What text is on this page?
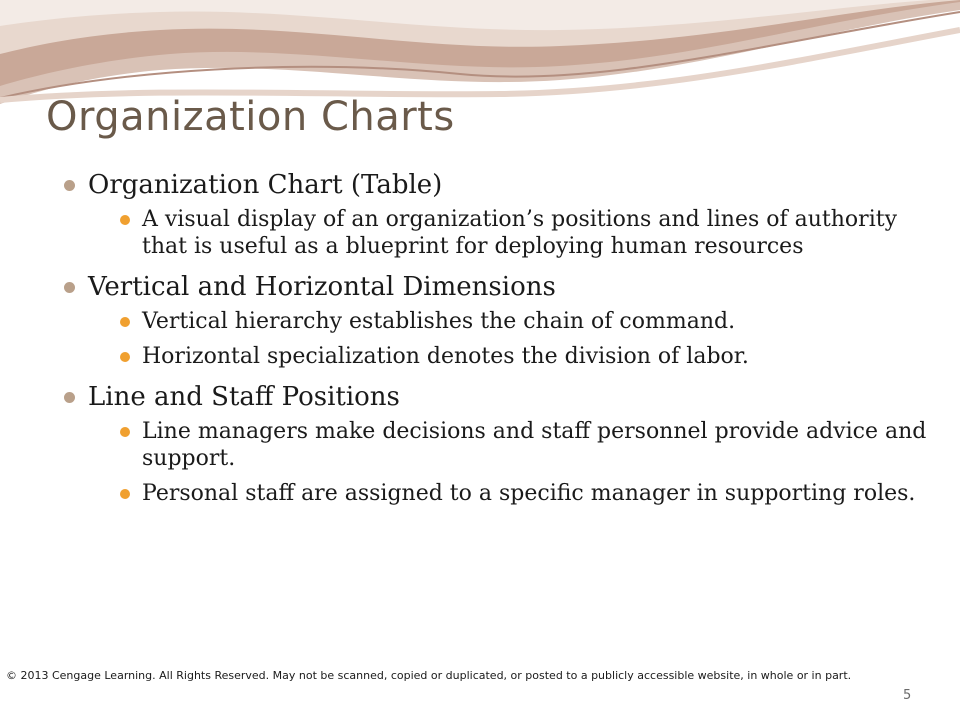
Organization Charts
Organization Chart (Table)
A visual display of an organization’s positions and lines of authority that is useful as a blueprint for deploying human resources
Vertical and Horizontal Dimensions
Vertical hierarchy establishes the chain of command.
Horizontal specialization denotes the division of labor.
Line and Staff Positions
Line managers make decisions and staff personnel provide advice and support.
Personal staff are assigned to a specific manager in supporting roles.
© 2013 Cengage Learning. All Rights Reserved. May not be scanned, copied or duplicated, or posted to a publicly accessible website, in whole or in part.
5
